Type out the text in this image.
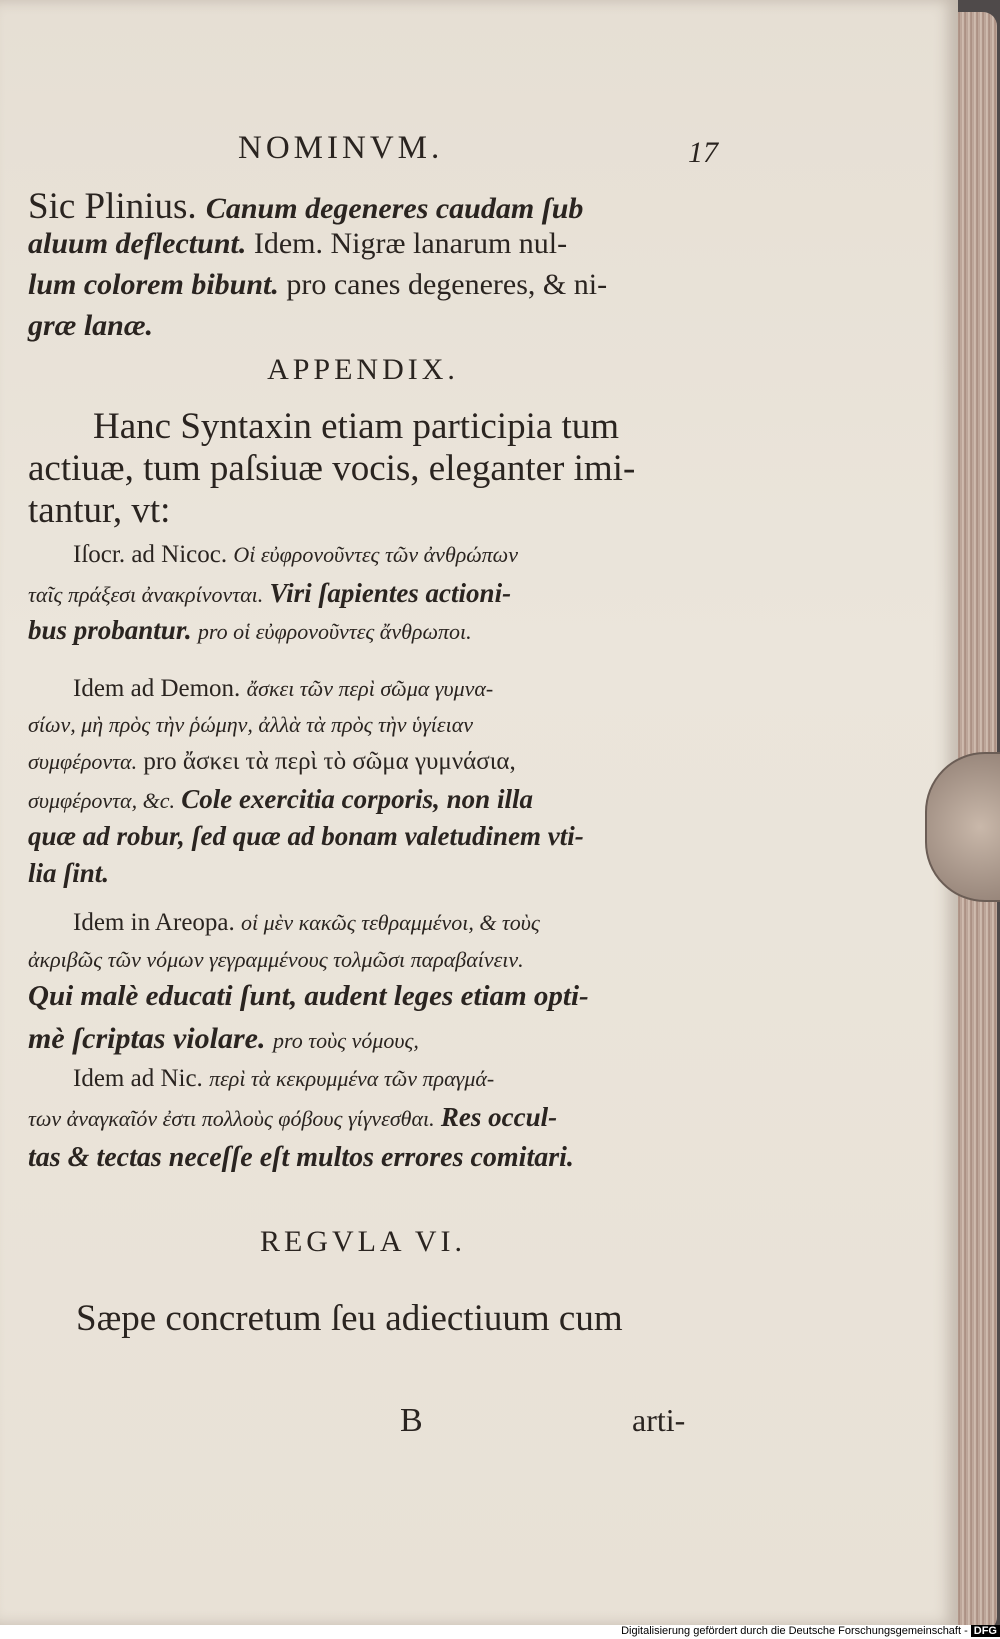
NOMINVM.	17
Sic Plinius. Canum degeneres caudam ſub
aluum deflectunt. Idem. Nigræ lanarum nul-
lum colorem bibunt. pro canes degeneres, & ni-
græ lanæ.
APPENDIX.
Hanc Syntaxin etiam participia tum
actiuæ, tum paſsiuæ vocis, eleganter imi-
tantur, vt:
Iſocr. ad Nicoc. Οἱ εὐφρονοῦντες τῶν ἀνθρώπων
ταῖς πράξεσι ἀνακρίνονται. Viri ſapientes actioni-
bus probantur. pro οἱ εὐφρονοῦντες ἄνθρωποι.
Idem ad Demon. ἄσκει τῶν περὶ σῶμα γυμνα-
σίων, μὴ πρὸς τὴν ῥώμην, ἀλλὰ τὰ πρὸς τὴν ὑγίειαν
συμφέροντα. pro ἄσκει τὰ περὶ τὸ σῶμα γυμνάσια,
συμφέροντα, &c. Cole exercitia corporis, non illa
quæ ad robur, ſed quæ ad bonam valetudinem vti-
lia ſint.
Idem in Areopa. οἱ μὲν κακῶς τεθραμμένοι, & τοὺς
ἀκριβῶς τῶν νόμων γεγραμμένους τολμῶσι παραβαίνειν.
Qui malè educati ſunt, audent leges etiam opti-
mè ſcriptas violare. pro τοὺς νόμους,
Idem ad Nic. περὶ τὰ κεκρυμμένα τῶν πραγμά-
των ἀναγκαῖόν ἐστι πολλοὺς φόβους γίγνεσθαι. Res occul-
tas & tectas neceſſe eſt multos errores comitari.
REGVLA VI.
Sæpe concretum ſeu adiectiuum cum
B	arti-
Digitalisierung gefördert durch die Deutsche Forschungsgemeinschaft - DFG
